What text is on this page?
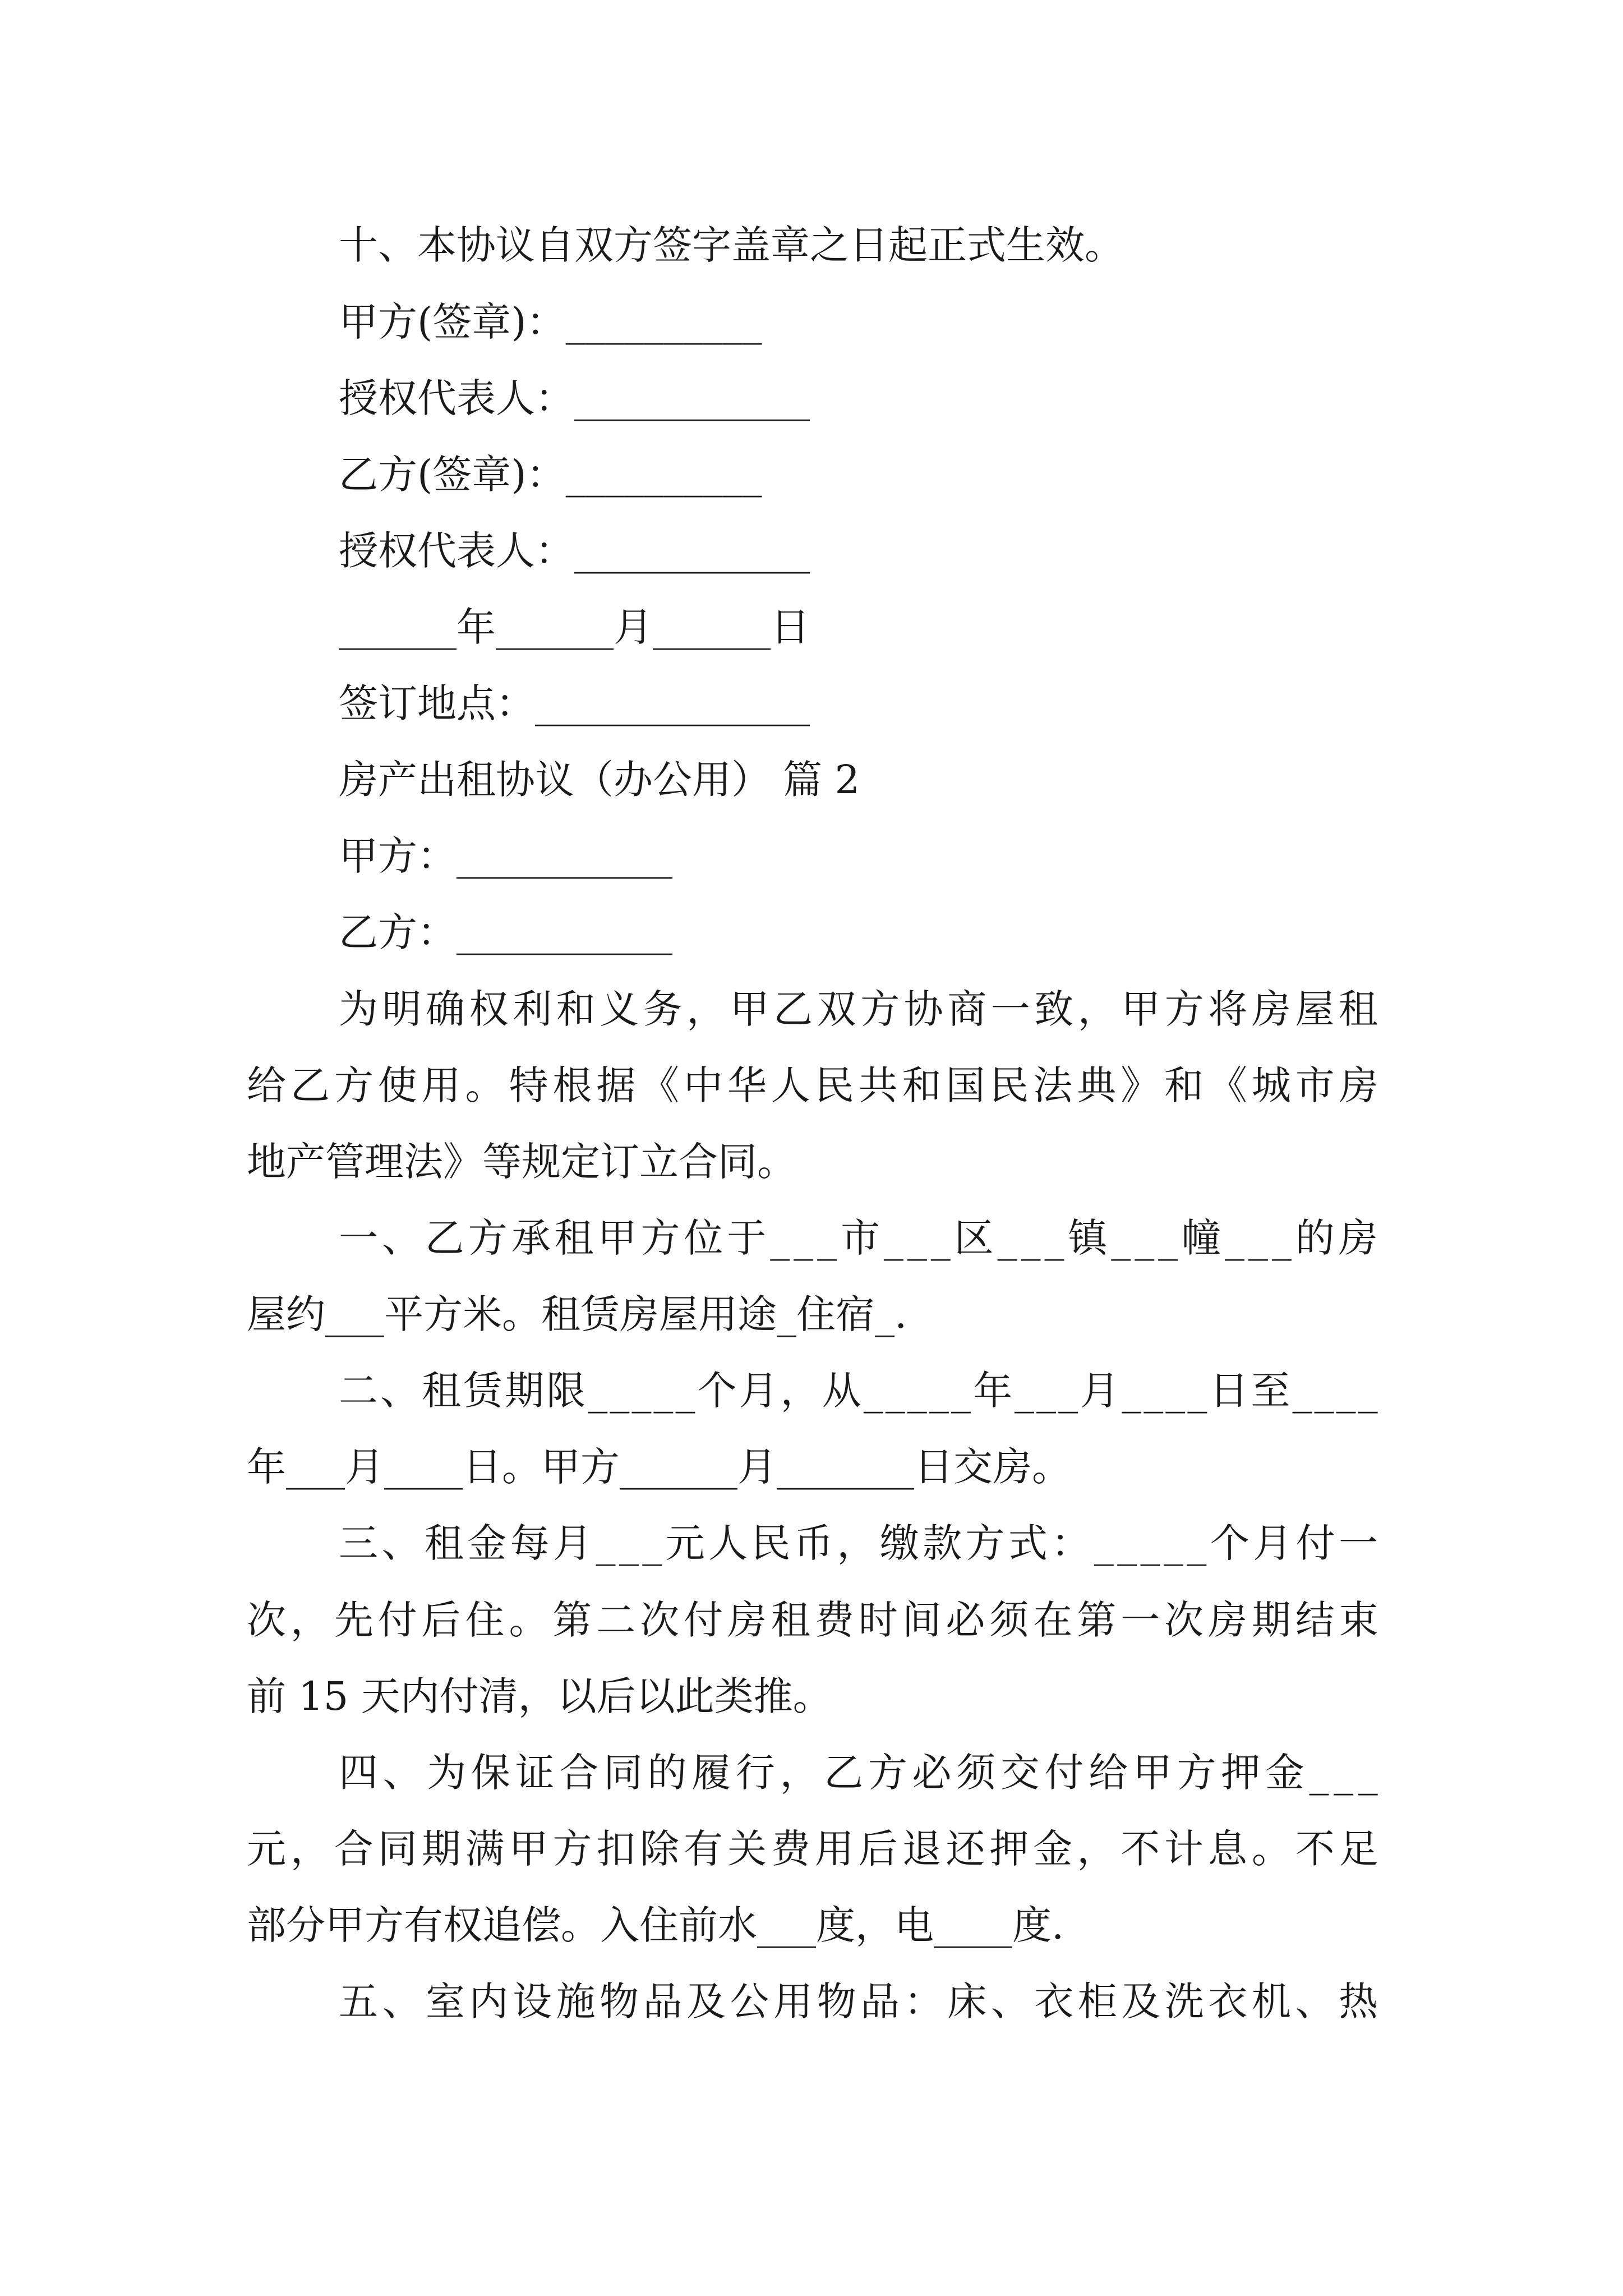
十、本协议自双方签字盖章之日起正式生效。

甲方(签章)：__________

授权代表人：____________

乙方(签章)：__________

授权代表人：____________

______年______月______日

签订地点：______________

房产出租协议（办公用） 篇 2

甲方：___________

乙方：___________

为 明 确 权 利 和 义 务 ， 甲 乙 双 方 协 商 一 致 ， 甲 方 将 房 屋 租

给 乙 方 使 用 。 特 根 据 《 中 华 人 民 共 和 国 民 法 典 》 和 《 城 市 房

地产管理法》等规定订立合同。

一 、 乙 方 承 租 甲 方 位 于 _ _ _ 市 _ _ _ 区 _ _ _ 镇 _ _ _ 幢 _ _ _ 的 房

屋约___平方米。租赁房屋用途_住宿_.

二 、 租 赁 期 限 _ _ _ _ _ 个 月 ， 从 _ _ _ _ _ 年 _ _ _ 月 _ _ _ _ 日 至 _ _ _ _

年___月____日。甲方______月_______日交房。

三 、 租 金 每 月 _ _ _ 元 人 民 币 ， 缴 款 方 式 ： _ _ _ _ _ 个 月 付 一

次 ， 先 付 后 住 。 第 二 次 付 房 租 费 时 间 必 须 在 第 一 次 房 期 结 束

前 15 天内付清，以后以此类推。

四 、 为 保 证 合 同 的 履 行 ， 乙 方 必 须 交 付 给 甲 方 押 金 _ _ _

元 ， 合 同 期 满 甲 方 扣 除 有 关 费 用 后 退 还 押 金 ， 不 计 息 。 不 足

部分甲方有权追偿。入住前水___度，电____度.

五 、 室 内 设 施 物 品 及 公 用 物 品 ： 床 、 衣 柜 及 洗 衣 机 、 热
